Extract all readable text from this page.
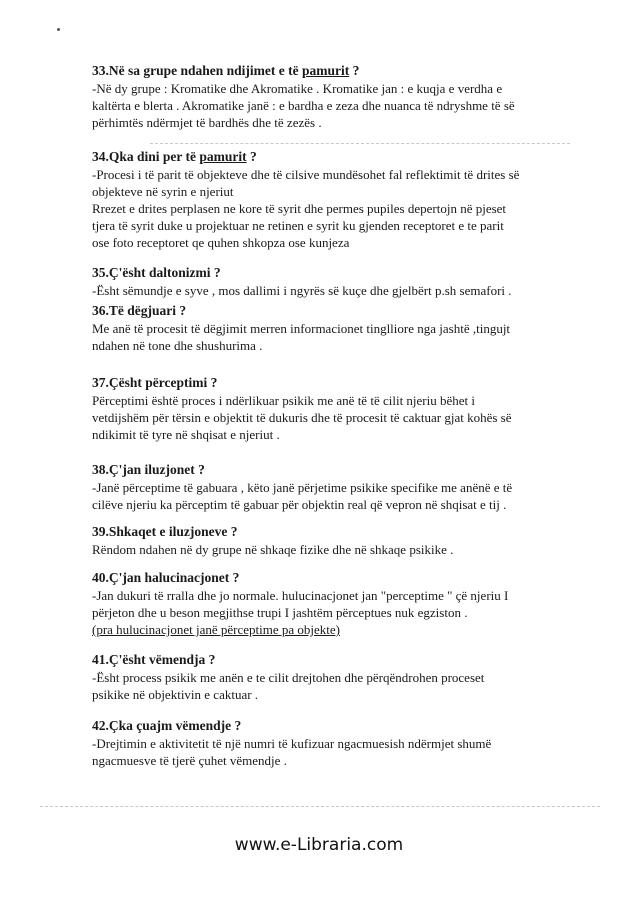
33.Në sa grupe ndahen ndijimet e të pamurit ?
-Në dy grupe : Kromatike dhe Akromatike . Kromatike jan : e kuqja e verdha e
kaltërta e blerta . Akromatike janë : e bardha e zeza dhe nuanca të ndryshme të së
përhimtës ndërmjet të bardhës dhe të zezës .
34.Qka dini per të pamurit ?
-Procesi i të parit të objekteve dhe të cilsive mundësohet fal reflektimit të drites së
objekteve në syrin e njeriut
Rrezet e drites perplasen ne kore të syrit dhe permes pupiles depertojn në pjeset
tjera të syrit duke u projektuar ne retinen e syrit ku gjenden receptoret e te parit
ose foto receptoret qe quhen shkopza ose kunjeza
35.Ç'ësht daltonizmi ?
-Ësht sëmundje e syve , mos dallimi i ngyrës së kuçe dhe gjelbërt p.sh semafori .
36.Të dëgjuari ?
Me anë të procesit të dëgjimit merren informacionet tinglliore nga jashtë ,tingujt
ndahen në tone dhe shushurima .
37.Çësht përceptimi ?
Përceptimi është proces i ndërlikuar psikik me anë të të cilit njeriu bëhet i
vetdijshëm për tërsin e objektit të dukuris dhe të procesit të caktuar gjat kohës së
ndikimit të tyre në shqisat e njeriut .
38.Ç'jan iluzjonet ?
-Janë përceptime të gabuara , këto janë përjetime psikike specifike me anënë e të
cilëve njeriu ka përceptim të gabuar për objektin real që vepron në shqisat e tij .
39.Shkaqet e iluzjoneve ?
Rëndom ndahen në dy grupe në shkaqe fizike dhe në shkaqe psikike .
40.Ç'jan halucinacjonet ?
-Jan dukuri të rralla dhe jo normale. hulucinacjonet jan "perceptime " çë njeriu I
përjeton dhe u beson megjithse trupi I jashtëm përceptues nuk egziston .
(pra hulucinacjonet janë përceptime pa objekte)
41.Ç'ësht vëmendja ?
-Ësht process psikik me anën e te cilit drejtohen dhe përqëndrohen proceset
psikike në objektivin e caktuar .
42.Çka çuajm vëmendje ?
-Drejtimin e aktivitetit të një numri të kufizuar ngacmuesish ndërmjet shumë
ngacmuesve të tjerë çuhet vëmendje .
www.e-Libraria.com
